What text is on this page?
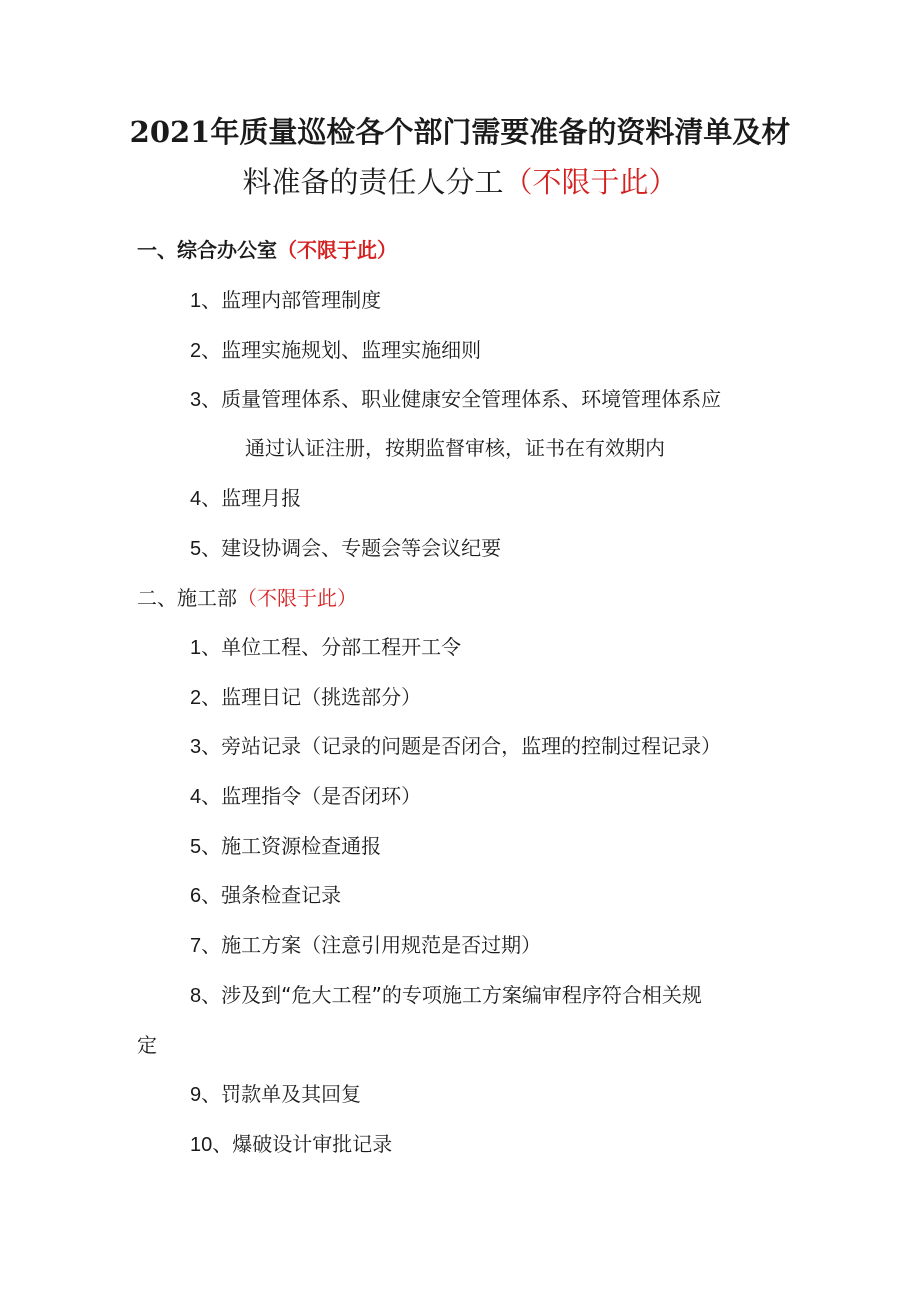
2021年质量巡检各个部门需要准备的资料清单及材
料准备的责任人分工（不限于此）
一、综合办公室（不限于此）
1、监理内部管理制度
2、监理实施规划、监理实施细则
3、质量管理体系、职业健康安全管理体系、环境管理体系应
通过认证注册，按期监督审核，证书在有效期内
4、监理月报
5、建设协调会、专题会等会议纪要
二、施工部（不限于此）
1、单位工程、分部工程开工令
2、监理日记（挑选部分）
3、旁站记录（记录的问题是否闭合，监理的控制过程记录）
4、监理指令（是否闭环）
5、施工资源检查通报
6、强条检查记录
7、施工方案（注意引用规范是否过期）
8、涉及到“危大工程”的专项施工方案编审程序符合相关规
定
9、罚款单及其回复
10、爆破设计审批记录
